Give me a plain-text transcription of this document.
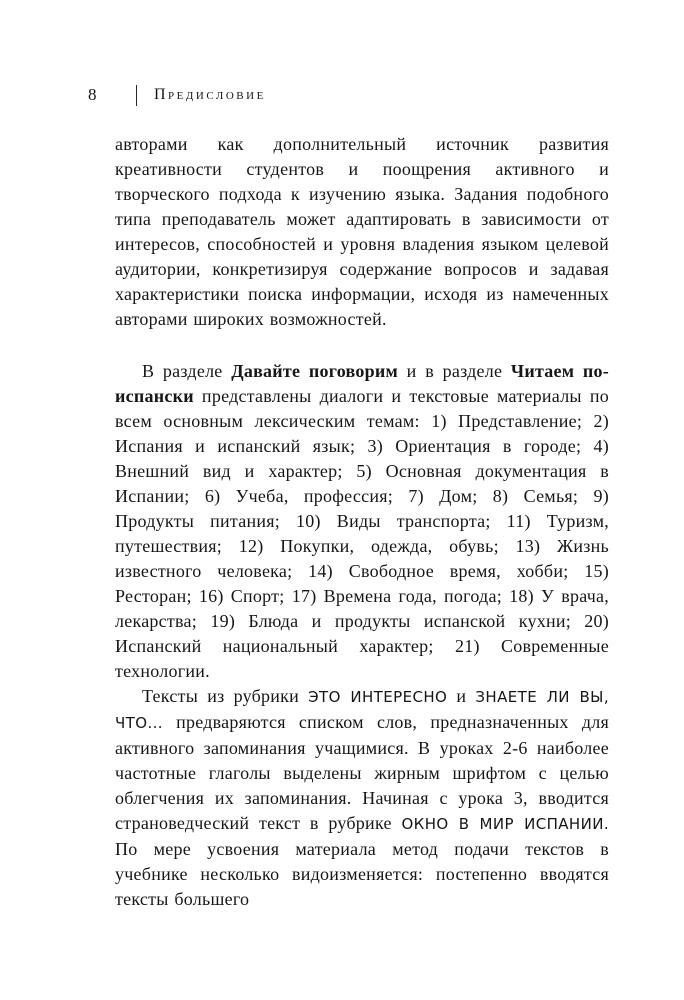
8	Предисловие

авторами как дополнительный источник развития креативности студентов и поощрения активного и творческого подхода к изучению языка. Задания подобного типа преподаватель может адаптировать в зависимости от интересов, способностей и уровня владения языком целевой аудитории, конкретизируя содержание вопросов и задавая характеристики поиска информации, исходя из намеченных авторами широких возможностей.

В разделе Давайте поговорим и в разделе Читаем по-испански представлены диалоги и текстовые материалы по всем основным лексическим темам: 1) Представление; 2) Испания и испанский язык; 3) Ориентация в городе; 4) Внешний вид и характер; 5) Основная документация в Испании; 6) Учеба, профессия; 7) Дом; 8) Семья; 9) Продукты питания; 10) Виды транспорта; 11) Туризм, путешествия; 12) Покупки, одежда, обувь; 13) Жизнь известного человека; 14) Свободное время, хобби; 15) Ресторан; 16) Спорт; 17) Времена года, погода; 18) У врача, лекарства; 19) Блюда и продукты испанской кухни; 20) Испанский национальный характер; 21) Современные технологии.

Тексты из рубрики ЭТО ИНТЕРЕСНО и ЗНАЕТЕ ЛИ ВЫ, ЧТО... предваряются списком слов, предназначенных для активного запоминания учащимися. В уроках 2-6 наиболее частотные глаголы выделены жирным шрифтом с целью облегчения их запоминания. Начиная с урока 3, вводится страноведческий текст в рубрике ОКНО В МИР ИСПАНИИ. По мере усвоения материала метод подачи текстов в учебнике несколько видоизменяется: постепенно вводятся тексты большего
